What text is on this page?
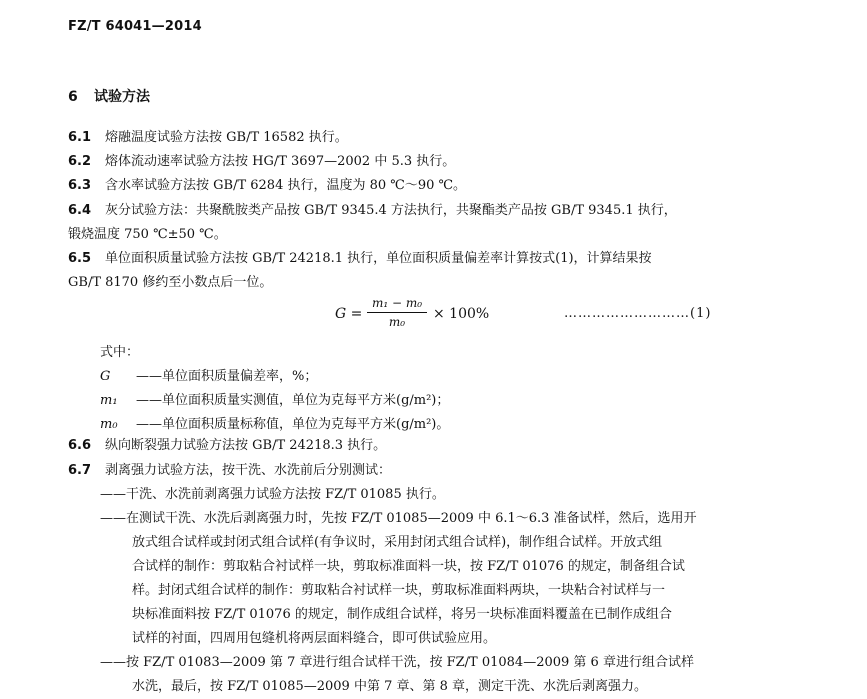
FZ/T 64041—2014
6 试验方法
6.1 熔融温度试验方法按 GB/T 16582 执行。
6.2 熔体流动速率试验方法按 HG/T 3697—2002 中 5.3 执行。
6.3 含水率试验方法按 GB/T 6284 执行，温度为 80 ℃～90 ℃。
6.4 灰分试验方法：共聚酰胺类产品按 GB/T 9345.4 方法执行，共聚酯类产品按 GB/T 9345.1 执行，
锻烧温度 750 ℃±50 ℃。
6.5 单位面积质量试验方法按 GB/T 24218.1 执行，单位面积质量偏差率计算按式(1)，计算结果按
GB/T 8170 修约至小数点后一位。
G =
m₁ − m₀
m₀	× 100%	………………………(1)
式中：
G ——单位面积质量偏差率，%；
m₁ ——单位面积质量实测值，单位为克每平方米(g/m²)；
m₀ ——单位面积质量标称值，单位为克每平方米(g/m²)。
6.6 纵向断裂强力试验方法按 GB/T 24218.3 执行。
6.7 剥离强力试验方法，按干洗、水洗前后分别测试：
——干洗、水洗前剥离强力试验方法按 FZ/T 01085 执行。
——在测试干洗、水洗后剥离强力时，先按 FZ/T 01085—2009 中 6.1～6.3 准备试样，然后，选用开
放式组合试样或封闭式组合试样(有争议时，采用封闭式组合试样)，制作组合试样。开放式组
合试样的制作：剪取粘合衬试样一块，剪取标准面料一块，按 FZ/T 01076 的规定，制备组合试
样。封闭式组合试样的制作：剪取粘合衬试样一块，剪取标准面料两块，一块粘合衬试样与一
块标准面料按 FZ/T 01076 的规定，制作成组合试样，将另一块标准面料覆盖在已制作成组合
试样的衬面，四周用包缝机将两层面料缝合，即可供试验应用。
——按 FZ/T 01083—2009 第 7 章进行组合试样干洗，按 FZ/T 01084—2009 第 6 章进行组合试样
水洗，最后，按 FZ/T 01085—2009 中第 7 章、第 8 章，测定干洗、水洗后剥离强力。
